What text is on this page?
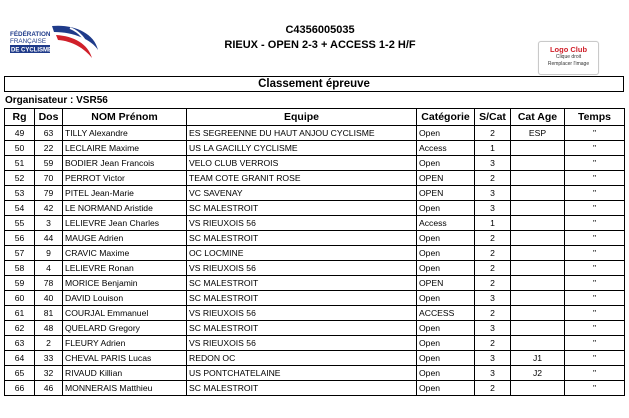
FÉDÉRATION
FRANÇAISE
DE CYCLISME
C4356005035
RIEUX - OPEN 2-3 + ACCESS 1-2 H/F	Logo Club
Clique droit
Remplacer l'image
Classement épreuve
Organisateur : VSR56
Rg	Dos	NOM Prénom	Equipe	Catégorie	S/Cat	Cat Age	Temps
49	63	TILLY Alexandre	ES SEGREENNE DU HAUT ANJOU CYCLISME	Open	2	ESP	"
50	22	LECLAIRE Maxime	US LA GACILLY CYCLISME	Access	1		"
51	59	BODIER Jean Francois	VELO CLUB VERROIS	Open	3		"
52	70	PERROT Victor	TEAM COTE GRANIT ROSE	OPEN	2		"
53	79	PITEL Jean-Marie	VC SAVENAY	OPEN	3		"
54	42	LE NORMAND Aristide	SC MALESTROIT	Open	3		"
55	3	LELIEVRE Jean Charles	VS RIEUXOIS 56	Access	1		"
56	44	MAUGE Adrien	SC MALESTROIT	Open	2		"
57	9	CRAVIC Maxime	OC LOCMINE	Open	2		"
58	4	LELIEVRE Ronan	VS RIEUXOIS 56	Open	2		"
59	78	MORICE Benjamin	SC MALESTROIT	OPEN	2		"
60	40	DAVID Louison	SC MALESTROIT	Open	3		"
61	81	COURJAL Emmanuel	VS RIEUXOIS 56	ACCESS	2		"
62	48	QUELARD Gregory	SC MALESTROIT	Open	3		"
63	2	FLEURY Adrien	VS RIEUXOIS 56	Open	2		"
64	33	CHEVAL PARIS Lucas	REDON OC	Open	3	J1	"
65	32	RIVAUD Killian	US PONTCHATELAINE	Open	3	J2	"
66	46	MONNERAIS Matthieu	SC MALESTROIT	Open	2		"
